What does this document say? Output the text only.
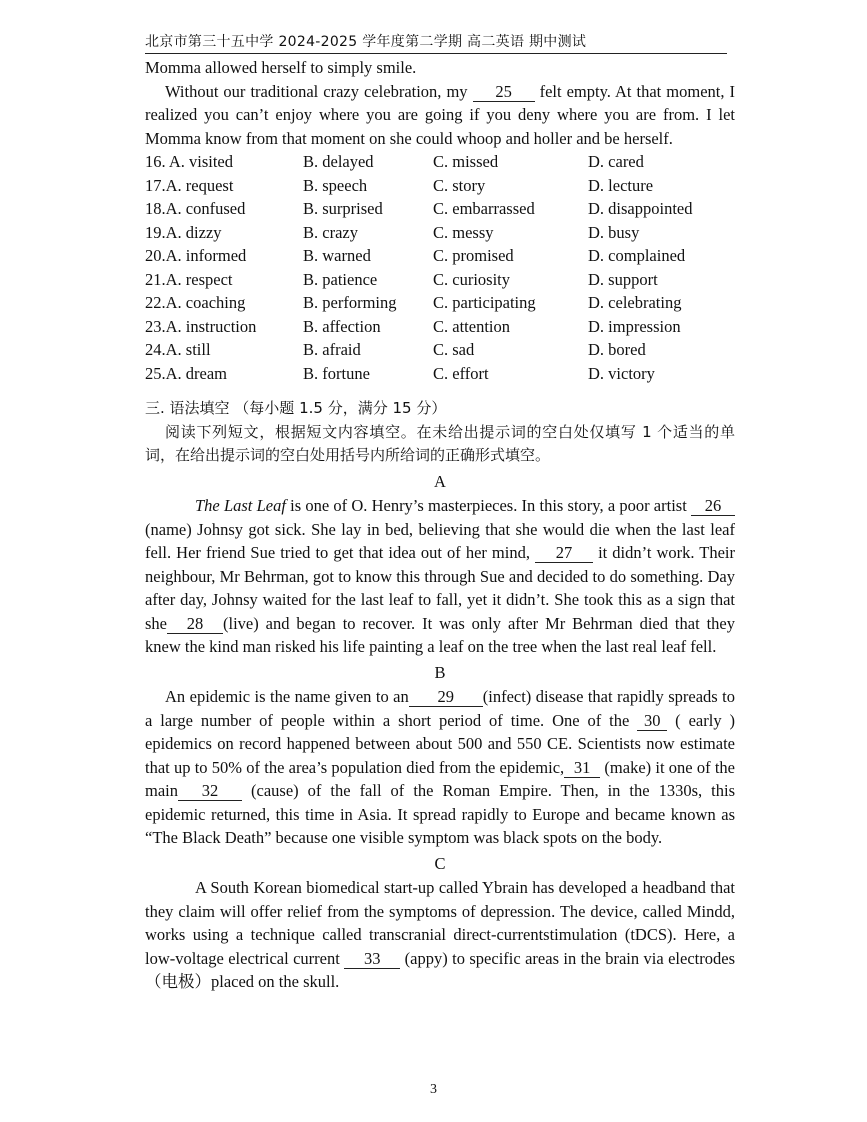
北京市第三十五中学 2024-2025 学年度第二学期 高二英语 期中测试

Momma allowed herself to simply smile.

Without our traditional crazy celebration, my 25 felt empty. At that moment, I realized you can’t enjoy where you are going if you deny where you are from. I let Momma know from that moment on she could whoop and holler and be herself.

16. A. visited	B. delayed	C. missed	D. cared
17.A. request	B. speech	C. story	D. lecture
18.A. confused	B. surprised	C. embarrassed	D. disappointed
19.A. dizzy	B. crazy	C. messy	D. busy
20.A. informed	B. warned	C. promised	D. complained
21.A. respect	B. patience	C. curiosity	D. support
22.A. coaching	B. performing	C. participating	D. celebrating
23.A. instruction	B. affection	C. attention	D. impression
24.A. still	B. afraid	C. sad	D. bored
25.A. dream	B. fortune	C. effort	D. victory
三. 语法填空 （每小题 1.5 分，满分 15 分）

阅读下列短文，根据短文内容填空。在未给出提示词的空白处仅填写 1 个适当的单词，在给出提示词的空白处用括号内所给词的正确形式填空。

A

The Last Leaf is one of O. Henry’s masterpieces. In this story, a poor artist 26(name) Johnsy got sick. She lay in bed, believing that she would die when the last leaf fell. Her friend Sue tried to get that idea out of her mind, 27 it didn’t work. Their neighbour, Mr Behrman, got to know this through Sue and decided to do something. Day after day, Johnsy waited for the last leaf to fall, yet it didn’t. She took this as a sign that she 28 (live) and began to recover. It was only after Mr Behrman died that they knew the kind man risked his life painting a leaf on the tree when the last real leaf fell.

B

An epidemic is the name given to an 29 (infect) disease that rapidly spreads to a large number of people within a short period of time. One of the 30 ( early ) epidemics on record happened between about 500 and 550 CE. Scientists now estimate that up to 50% of the area’s population died from the epidemic, 31 (make) it one of the main 32 (cause) of the fall of the Roman Empire. Then, in the 1330s, this epidemic returned, this time in Asia. It spread rapidly to Europe and became known as “The Black Death” because one visible symptom was black spots on the body.

C

A South Korean biomedical start-up called Ybrain has developed a headband that they claim will offer relief from the symptoms of depression. The device, called Mindd, works using a technique called transcranial direct-currentstimulation (tDCS). Here, a low-voltage electrical current 33 (appy) to specific areas in the brain via electrodes（电极）placed on the skull.

3
